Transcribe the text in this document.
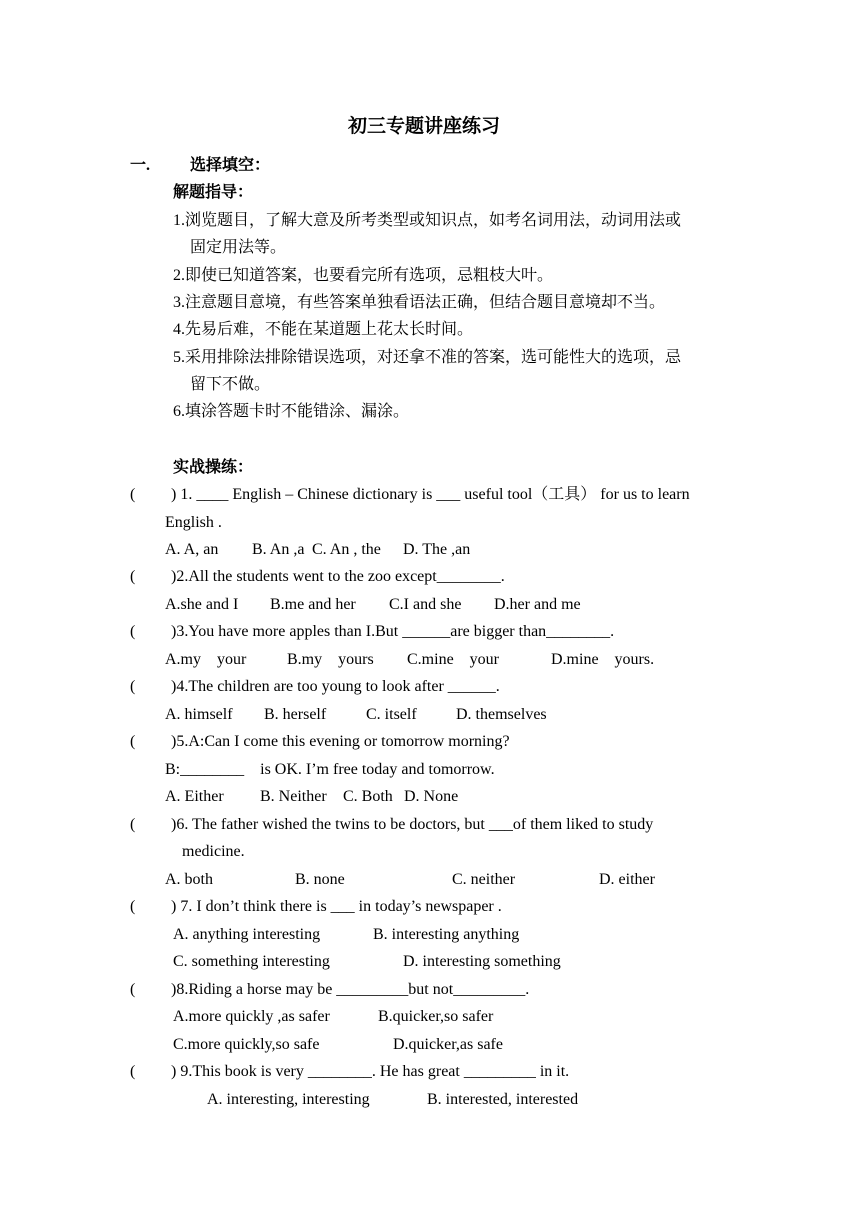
初三专题讲座练习
一. 选择填空：
解题指导：
1.浏览题目，了解大意及所考类型或知识点，如考名词用法，动词用法或
固定用法等。
2.即使已知道答案，也要看完所有选项，忌粗枝大叶。
3.注意题目意境，有些答案单独看语法正确，但结合题目意境却不当。
4.先易后难，不能在某道题上花太长时间。
5.采用排除法排除错误选项，对还拿不准的答案，选可能性大的选项，忌
留下不做。
6.填涂答题卡时不能错涂、漏涂。
实战操练：
( ) 1. ____ English – Chinese dictionary is ___ useful tool（工具） for us to learn
English .
A. A, an B. An ,a C. An , the D. The ,an
( )2.All the students went to the zoo except________.
A.she and I B.me and her C.I and she D.her and me
( )3.You have more apples than I.But ______are bigger than________.
A.my    your	B.my    yours C.mine    your	D.mine    yours.
( )4.The children are too young to look after ______.
A. himself B. herself C. itself D. themselves
( )5.A:Can I come this evening or tomorrow morning?
B:________    is OK. I’m free today and tomorrow.
A. Either B. Neither C. Both D. None
( )6. The father wished the twins to be doctors, but ___of them liked to study
medicine.
A. both	B. none	C. neither	D. either
( ) 7. I don’t think there is ___ in today’s newspaper .
A. anything interesting	B. interesting anything
C. something interesting	D. interesting something
( )8.Riding a horse may be _________but not_________.
A.more quickly ,as safer	B.quicker,so safer
C.more quickly,so safe	D.quicker,as safe
( ) 9.This book is very ________. He has great _________ in it.
A. interesting, interesting	B. interested, interested
